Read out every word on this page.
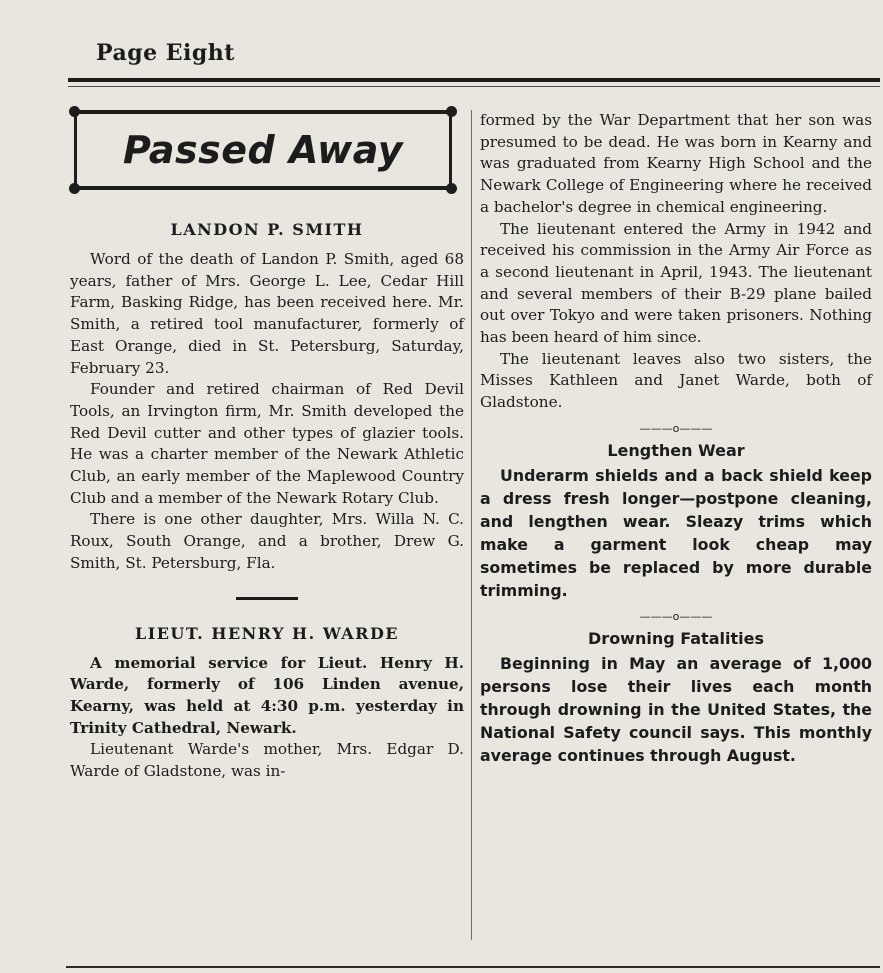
Page Eight
Passed Away
LANDON P. SMITH

Word of the death of Landon P. Smith, aged 68 years, father of Mrs. George L. Lee, Cedar Hill Farm, Basking Ridge, has been received here. Mr. Smith, a retired tool manufacturer, formerly of East Orange, died in St. Petersburg, Saturday, February 23.

Founder and retired chairman of Red Devil Tools, an Irvington firm, Mr. Smith developed the Red Devil cutter and other types of glazier tools. He was a charter member of the Newark Athletic Club, an early member of the Maplewood Country Club and a member of the Newark Rotary Club.

There is one other daughter, Mrs. Willa N. C. Roux, South Orange, and a brother, Drew G. Smith, St. Petersburg, Fla.

LIEUT. HENRY H. WARDE

A memorial service for Lieut. Henry H. Warde, formerly of 106 Linden avenue, Kearny, was held at 4:30 p.m. yesterday in Trinity Cathedral, Newark.

Lieutenant Warde's mother, Mrs. Edgar D. Warde of Gladstone, was in-

formed by the War Department that her son was presumed to be dead. He was born in Kearny and was graduated from Kearny High School and the Newark College of Engineering where he received a bachelor's degree in chemical engineering.

The lieutenant entered the Army in 1942 and received his commission in the Army Air Force as a second lieutenant in April, 1943. The lieutenant and several members of their B-29 plane bailed out over Tokyo and were taken prisoners. Nothing has been heard of him since.

The lieutenant leaves also two sisters, the Misses Kathleen and Janet Warde, both of Gladstone.

———o———
Lengthen Wear

Underarm shields and a back shield keep a dress fresh longer—postpone cleaning, and lengthen wear. Sleazy trims which make a garment look cheap may sometimes be replaced by more durable trimming.

———o———
Drowning Fatalities

Beginning in May an average of 1,000 persons lose their lives each month through drowning in the United States, the National Safety council says. This monthly average continues through August.
